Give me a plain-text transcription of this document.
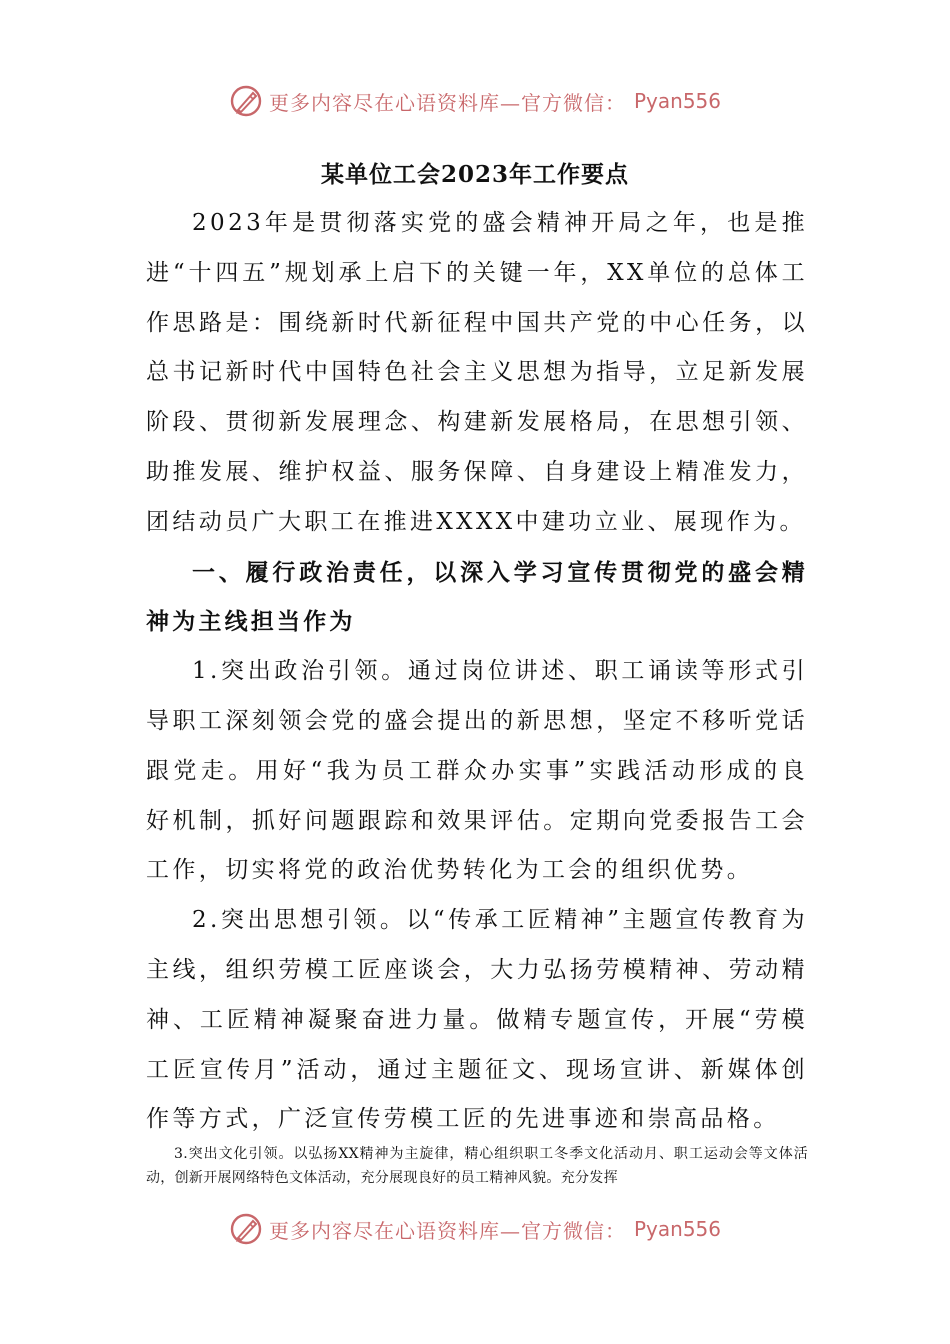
更多内容尽在心语资料库—官方微信： Pyan556
某单位工会2023年工作要点

2023年是贯彻落实党的盛会精神开局之年，也是推进“十四五”规划承上启下的关键一年，XX单位的总体工作思路是：围绕新时代新征程中国共产党的中心任务，以总书记新时代中国特色社会主义思想为指导，立足新发展阶段、贯彻新发展理念、构建新发展格局，在思想引领、助推发展、维护权益、服务保障、自身建设上精准发力，团结动员广大职工在推进XXXX中建功立业、展现作为。

一、履行政治责任，以深入学习宣传贯彻党的盛会精神为主线担当作为

1.突出政治引领。通过岗位讲述、职工诵读等形式引导职工深刻领会党的盛会提出的新思想，坚定不移听党话跟党走。用好“我为员工群众办实事”实践活动形成的良好机制，抓好问题跟踪和效果评估。定期向党委报告工会工作，切实将党的政治优势转化为工会的组织优势。

2.突出思想引领。以“传承工匠精神”主题宣传教育为主线，组织劳模工匠座谈会，大力弘扬劳模精神、劳动精神、工匠精神凝聚奋进力量。做精专题宣传，开展“劳模工匠宣传月”活动，通过主题征文、现场宣讲、新媒体创作等方式，广泛宣传劳模工匠的先进事迹和崇高品格。

3.突出文化引领。以弘扬XX精神为主旋律，精心组织职工冬季文化活动月、职工运动会等文体活动，创新开展网络特色文体活动，充分展现良好的员工精神风貌。充分发挥

更多内容尽在心语资料库—官方微信： Pyan556
